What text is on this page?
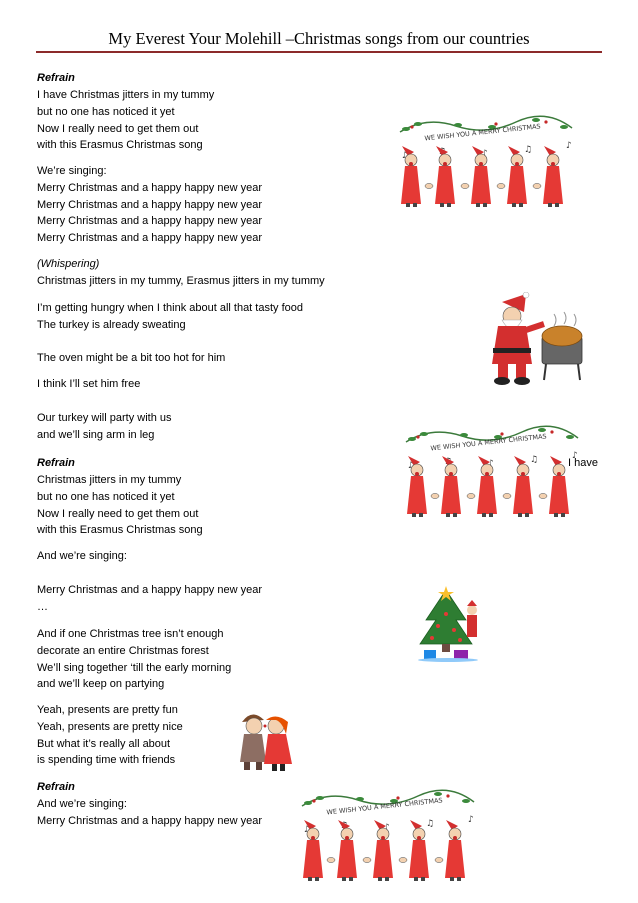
My Everest Your Molehill –Christmas songs from our countries
Refrain
I have Christmas jitters in my tummy
but no one has noticed it yet
Now I really need to get them out
with this Erasmus Christmas song
We’re singing:
Merry Christmas and a happy happy new year
Merry Christmas and a happy happy new year
Merry Christmas and a happy happy new year
Merry Christmas and a happy happy new year
(Whispering)
Christmas jitters in my tummy, Erasmus jitters in my tummy
I’m getting hungry when I think about all that tasty food
The turkey is already sweating
The oven might be a bit too hot for him
I think I’ll set him free
Our turkey will party with us
and we’ll sing arm in leg
Refrain
Christmas jitters in my tummy
but no one has noticed it yet
Now I really need to get them out
with this Erasmus Christmas song
And we’re singing:
Merry Christmas and a happy happy new year
…
And if one Christmas tree isn’t enough
decorate an entire Christmas forest
We’ll sing together ‘till the early morning
and we’ll keep on partying
Yeah, presents are pretty fun
Yeah, presents are pretty nice
But what it’s really all about
is spending time with friends
Refrain
And we’re singing:
Merry Christmas and a happy happy new year
I have
